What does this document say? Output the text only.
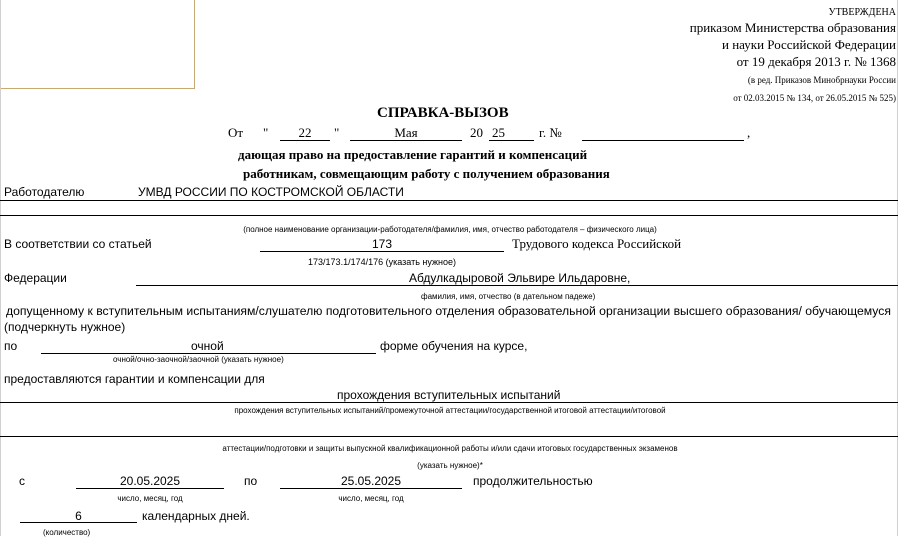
УТВЕРЖДЕНА
приказом Министерства образования
и науки Российской Федерации
от 19 декабря 2013 г. № 1368
(в ред. Приказов Минобрнауки России
от 02.03.2015 № 134, от 26.05.2015 № 525)
СПРАВКА-ВЫЗОВ
От "	22	"	Мая	20 25	г. №	,
дающая право на предоставление гарантий и компенсаций
работникам, совмещающим работу с получением образования
Работодателю	УМВД РОССИИ ПО КОСТРОМСКОЙ ОБЛАСТИ
(полное наименование организации-работодателя/фамилия, имя, отчество работодателя – физического лица)
В соответствии со статьей	173	Трудового кодекса Российской
173/173.1/174/176 (указать нужное)
Федерации	Абдулкадыровой Эльвире Ильдаровне,
фамилия, имя, отчество (в дательном падеже)
допущенному к вступительным испытаниям/слушателю подготовительного отделения образовательной организации высшего образования/ обучающемуся
(подчеркнуть нужное)
по	очной	форме обучения на курсе,
очной/очно-заочной/заочной (указать нужное)
предоставляются гарантии и компенсации для
прохождения вступительных испытаний
прохождения вступительных испытаний/промежуточной аттестации/государственной итоговой аттестации/итоговой
аттестации/подготовки и защиты выпускной квалификационной работы и/или сдачи итоговых государственных экзаменов
(указать нужное)*
с	20.05.2025	по	25.05.2025	продолжительностью
число, месяц, год	число, месяц, год
6	календарных дней.
(количество)
